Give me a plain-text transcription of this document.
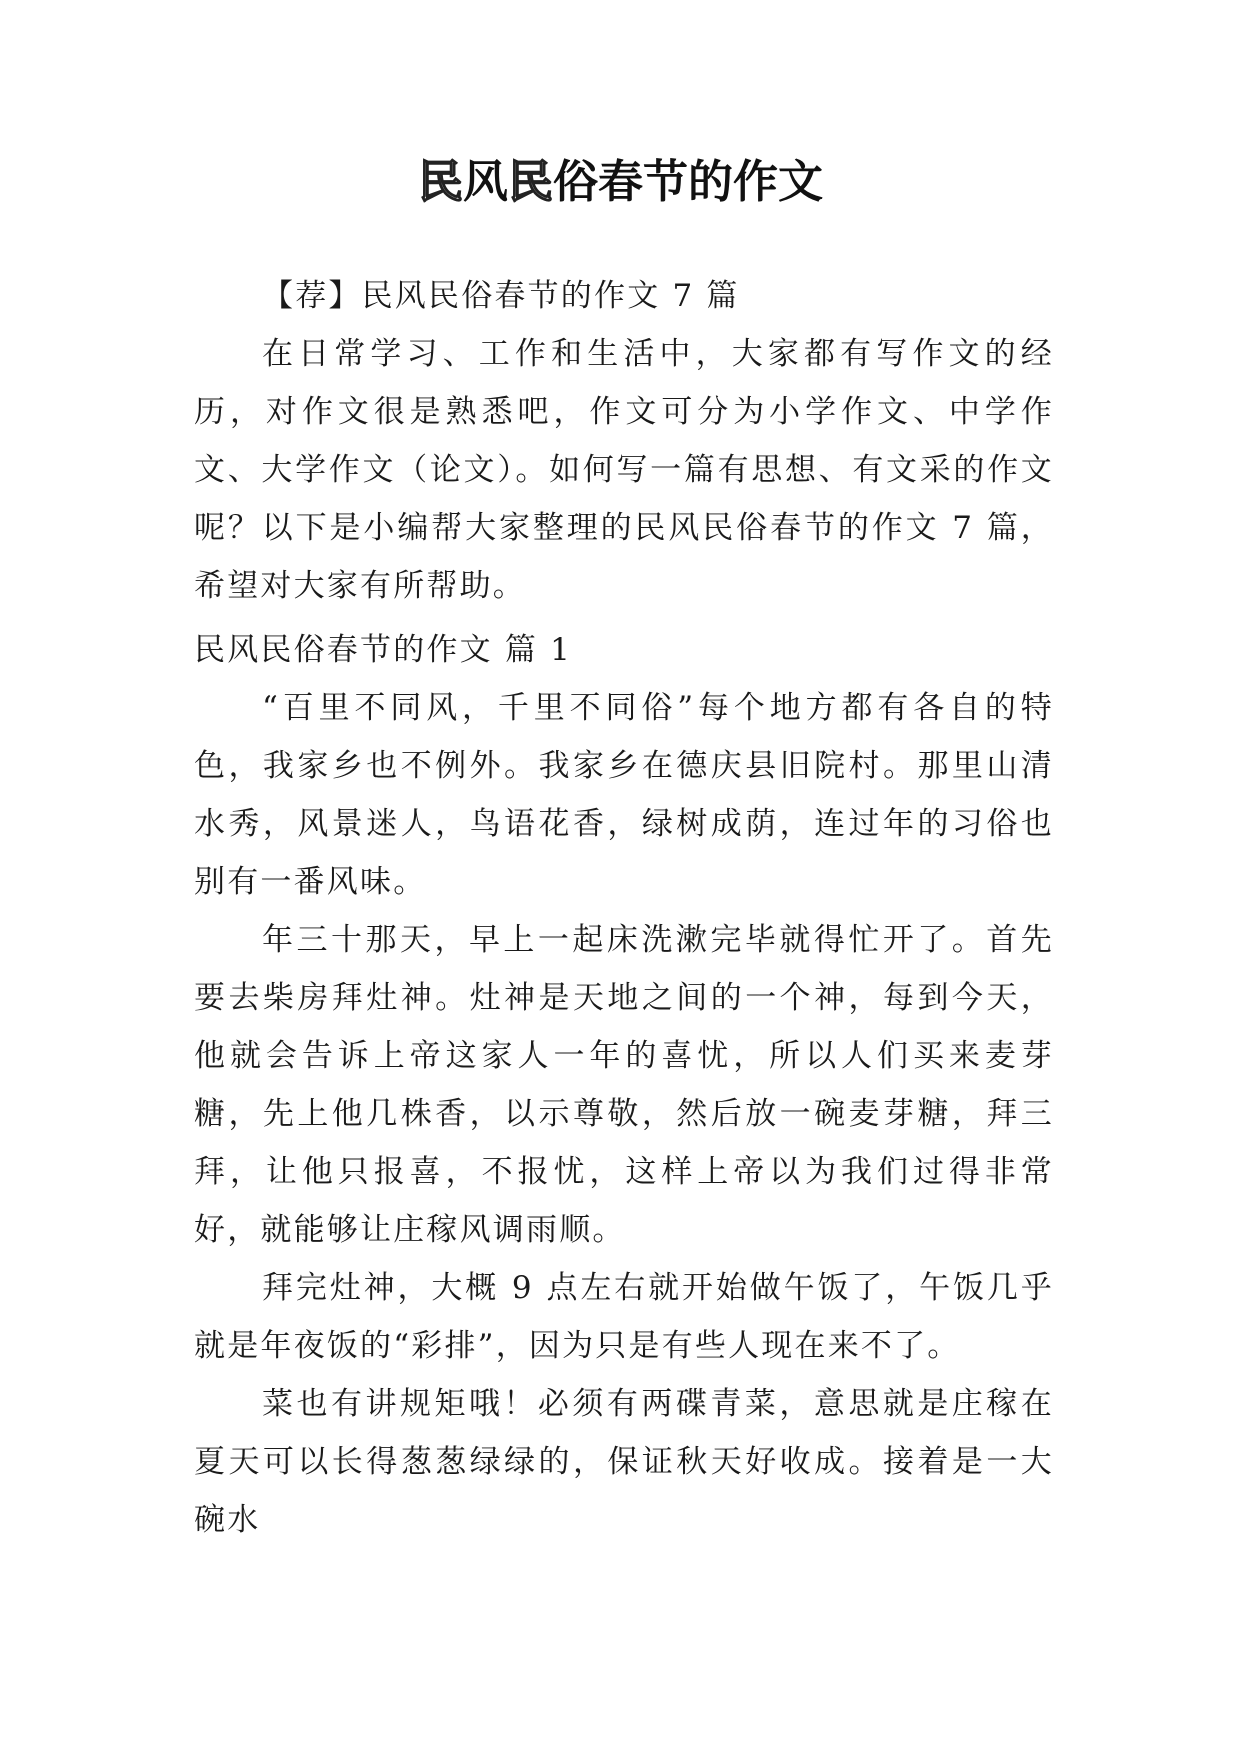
民风民俗春节的作文

【荐】民风民俗春节的作文 7 篇

在日常学习、工作和生活中，大家都有写作文的经历，对作文很是熟悉吧，作文可分为小学作文、中学作文、大学作文（论文）。如何写一篇有思想、有文采的作文呢？以下是小编帮大家整理的民风民俗春节的作文 7 篇，希望对大家有所帮助。

民风民俗春节的作文 篇 1

“百里不同风，千里不同俗”每个地方都有各自的特色，我家乡也不例外。我家乡在德庆县旧院村。那里山清水秀，风景迷人，鸟语花香，绿树成荫，连过年的习俗也别有一番风味。

年三十那天，早上一起床洗漱完毕就得忙开了。首先要去柴房拜灶神。灶神是天地之间的一个神，每到今天，他就会告诉上帝这家人一年的喜忧，所以人们买来麦芽糖，先上他几株香，以示尊敬，然后放一碗麦芽糖，拜三拜，让他只报喜，不报忧，这样上帝以为我们过得非常好，就能够让庄稼风调雨顺。

拜完灶神，大概 9 点左右就开始做午饭了，午饭几乎就是年夜饭的“彩排”，因为只是有些人现在来不了。

菜也有讲规矩哦！必须有两碟青菜，意思就是庄稼在夏天可以长得葱葱绿绿的，保证秋天好收成。接着是一大碗水
